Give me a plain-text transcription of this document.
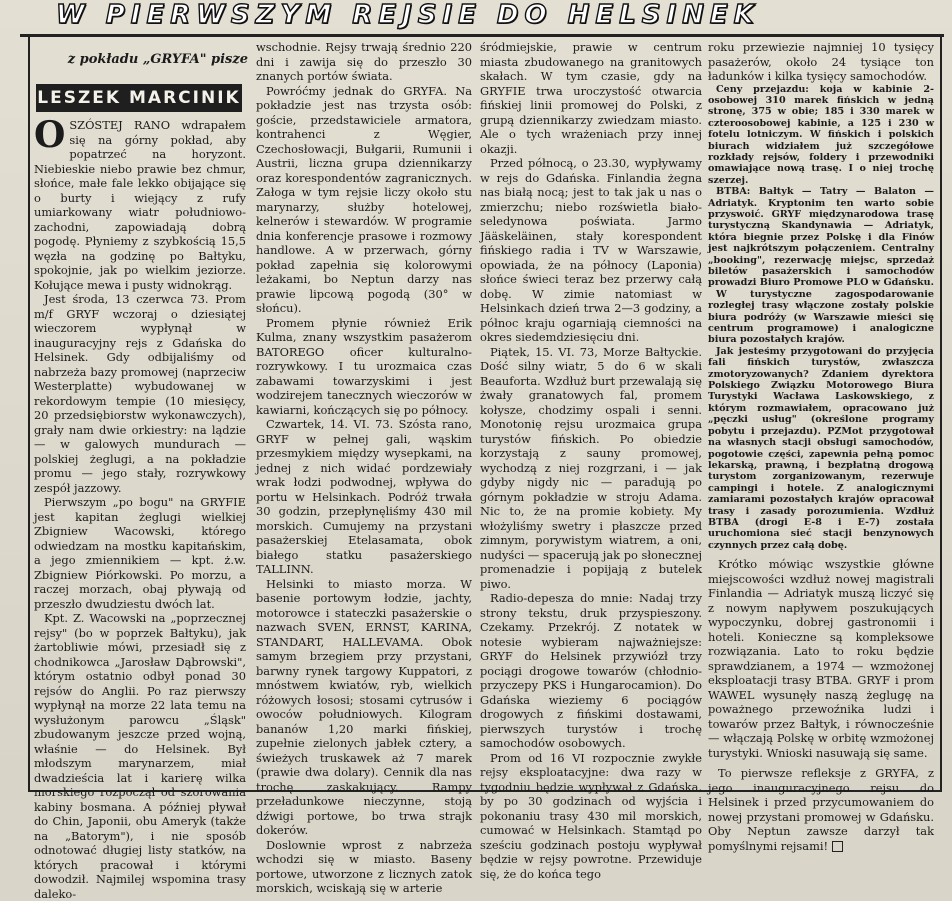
W PIERWSZYM REJSIE DO HELSINEK
z pokładu „GRYFA" pisze
LESZEK MARCINIK

OSZÓSTEJ RANO wdrapałem się na górny pokład, aby popatrzeć na horyzont. Niebieskie niebo prawie bez chmur, słońce, małe fale lekko obijające się o burty i wiejący z rufy umiarkowany wiatr południowo-zachodni, zapowiadają dobrą pogodę. Płyniemy z szybkością 15,5 węzła na godzinę po Bałtyku, spokojnie, jak po wielkim jeziorze. Kołujące mewa i pusty widnokrąg.

Jest środa, 13 czerwca 73. Prom m/f GRYF wczoraj o dziesiątej wieczorem wypłynął w inauguracyjny rejs z Gdańska do Helsinek. Gdy odbijaliśmy od nabrzeża bazy promowej (naprzeciw Westerplatte) wybudowanej w rekordowym tempie (10 miesięcy, 20 przedsiębiorstw wykonawczych), grały nam dwie orkiestry: na lądzie — w galowych mundurach — polskiej żeglugi, a na pokładzie promu — jego stały, rozrywkowy zespół jazzowy.

Pierwszym „po bogu" na GRYFIE jest kapitan żeglugi wielkiej Zbigniew Wacowski, którego odwiedzam na mostku kapitańskim, a jego zmiennikiem — kpt. ż.w. Zbigniew Piórkowski. Po morzu, a raczej morzach, obaj pływają od przeszło dwudziestu dwóch lat.

Kpt. Z. Wacowski na „poprzecznej rejsy" (bo w poprzek Bałtyku), jak żartobliwie mówi, przesiadł się z chodnikowca „Jarosław Dąbrowski", którym ostatnio odbył ponad 30 rejsów do Anglii. Po raz pierwszy wypłynął na morze 22 lata temu na wysłużonym parowcu „Śląsk" zbudowanym jeszcze przed wojną, właśnie — do Helsinek. Był młodszym marynarzem, miał dwadzieścia lat i karierę wilka morskiego rozpoczął od szorowania kabiny bosmana. A później pływał do Chin, Japonii, obu Ameryk (także na „Batorym"), i nie sposób odnotować długiej listy statków, na których pracował i którymi dowodził. Najmilej wspomina trasy daleko-

wschodnie. Rejsy trwają średnio 220 dni i zawija się do przeszło 30 znanych portów świata.

Powróćmy jednak do GRYFA. Na pokładzie jest nas trzysta osób: goście, przedstawiciele armatora, kontrahenci z Węgier, Czechosłowacji, Bułgarii, Rumunii i Austrii, liczna grupa dziennikarzy oraz korespondentów zagranicznych. Załoga w tym rejsie liczy około stu marynarzy, służby hotelowej, kelnerów i stewardów. W programie dnia konferencje prasowe i rozmowy handlowe. A w przerwach, górny pokład zapełnia się kolorowymi leżakami, bo Neptun darzy nas prawie lipcową pogodą (30° w słońcu).

Promem płynie również Erik Kulma, znany wszystkim pasażerom BATOREGO oficer kulturalno-rozrywkowy. I tu urozmaica czas zabawami towarzyskimi i jest wodzirejem tanecznych wieczorów w kawiarni, kończących się po północy.

Czwartek, 14. VI. 73. Szósta rano, GRYF w pełnej gali, wąskim przesmykiem między wysepkami, na jednej z nich widać pordzewiały wrak łodzi podwodnej, wpływa do portu w Helsinkach. Podróż trwała 30 godzin, przepłynęliśmy 430 mil morskich. Cumujemy na przystani pasażerskiej Etelasamata, obok białego statku pasażerskiego TALLINN.

Helsinki to miasto morza. W basenie portowym łodzie, jachty, motorowce i stateczki pasażerskie o nazwach SVEN, ERNST, KARINA, STANDART, HALLEVAMA. Obok samym brzegiem przy przystani, barwny rynek targowy Kuppatori, z mnóstwem kwiatów, ryb, wielkich różowych łososi; stosami cytrusów i owoców południowych. Kilogram bananów 1,20 marki fińskiej, zupełnie zielonych jabłek cztery, a świeżych truskawek aż 7 marek (prawie dwa dolary). Cennik dla nas trochę zaskakujący. Rampy przeładunkowe nieczynne, stoją dźwigi portowe, bo trwa strajk dokerów.

Doslownie wprost z nabrzeża wchodzi się w miasto. Baseny portowe, utworzone z licznych zatok morskich, wciskają się w arterie

śródmiejskie, prawie w centrum miasta zbudowanego na granitowych skałach. W tym czasie, gdy na GRYFIE trwa uroczystość otwarcia fińskiej linii promowej do Polski, z grupą dziennikarzy zwiedzam miasto. Ale o tych wrażeniach przy innej okazji.

Przed północą, o 23.30, wypływamy w rejs do Gdańska. Finlandia żegna nas białą nocą; jest to tak jak u nas o zmierzchu; niebo rozświetla biało-seledynowa poświata. Jarmo Jääskeläinen, stały korespondent fińskiego radia i TV w Warszawie, opowiada, że na północy (Laponia) słońce świeci teraz bez przerwy całą dobę. W zimie natomiast w Helsinkach dzień trwa 2—3 godziny, a północ kraju ogarniają ciemności na okres siedemdziesięciu dni.

Piątek, 15. VI. 73, Morze Bałtyckie. Dość silny wiatr, 5 do 6 w skali Beauforta. Wzdłuż burt przewalają się żwały granatowych fal, promem kołysze, chodzimy ospali i senni. Monotonię rejsu urozmaica grupa turystów fińskich. Po obiedzie korzystają z sauny promowej, wychodzą z niej rozgrzani, i — jak gdyby nigdy nic — paradują po górnym pokładzie w stroju Adama. Nic to, że na promie kobiety. My włożyliśmy swetry i płaszcze przed zimnym, porywistym wiatrem, a oni, nudyści — spacerują jak po słonecznej promenadzie i popijają z butelek piwo.

Radio-depesza do mnie: Nadaj trzy strony tekstu, druk przyspieszony. Czekamy. Przekrój. Z notatek w notesie wybieram najważniejsze: GRYF do Helsinek przywiózł trzy pociągi drogowe towarów (chłodnio-przyczepy PKS i Hungarocamion). Do Gdańska wieziemy 6 pociągów drogowych z fińskimi dostawami, pierwszych turystów i trochę samochodów osobowych.

Prom od 16 VI rozpocznie zwykłe rejsy eksploatacyjne: dwa razy w tygodniu będzie wypływał z Gdańska, by po 30 godzinach od wyjścia i pokonaniu trasy 430 mil morskich, cumować w Helsinkach. Stamtąd po sześciu godzinach postoju wypływał będzie w rejsy powrotne. Przewiduje się, że do końca tego

roku przewiezie najmniej 10 tysięcy pasażerów, około 24 tysiące ton ładunków i kilka tysięcy samochodów.

Ceny przejazdu: koja w kabinie 2-osobowej 310 marek fińskich w jedną stronę, 375 w obie; 185 i 330 marek w czteroosobowej kabinie, a 125 i 230 w fotelu lotniczym. W fińskich i polskich biurach widziałem już szczegółowe rozkłady rejsów, foldery i przewodniki omawiające nową trasę. I o niej trochę szerzej.

BTBA: Bałtyk — Tatry — Balaton — Adriatyk. Kryptonim ten warto sobie przyswoić. GRYF międzynarodowa trasę turystyczną Skandynawia — Adriatyk, która biegnie przez Polskę i dla Finów jest najkrótszym połączeniem. Centralny „booking", rezerwację miejsc, sprzedaż biletów pasażerskich i samochodów prowadzi Biuro Promowe PLO w Gdańsku.

W turystyczne zagospodarowanie rozległej trasy włączone zostały polskie biura podróży (w Warszawie mieści się centrum programowe) i analogiczne biura pozostałych krajów.

Jak jesteśmy przygotowani do przyjęcia fali fińskich turystów, zwłaszcza zmotoryzowanych? Zdaniem dyrektora Polskiego Związku Motorowego Biura Turystyki Wacława Laskowskiego, z którym rozmawiałem, opracowano już „pęczki usług" (określone programy pobytu i przejazdu). PZMot przygotował na własnych stacji obsługi samochodów, pogotowie części, zapewnia pełną pomoc lekarską, prawną, i bezpłatną drogową turystom zorganizowanym, rezerwuje campingi i hotele. Z analogicznymi zamiarami pozostałych krajów opracował trasy i zasady porozumienia. Wzdłuż BTBA (drogi E-8 i E-7) została uruchomiona sieć stacji benzynowych czynnych przez całą dobę.

Krótko mówiąc wszystkie główne miejscowości wzdłuż nowej magistrali Finlandia — Adriatyk muszą liczyć się z nowym napływem poszukujących wypoczynku, dobrej gastronomii i hoteli. Konieczne są kompleksowe rozwiązania. Lato to roku będzie sprawdzianem, a 1974 — wzmożonej eksploatacji trasy BTBA. GRYF i prom WAWEL wysunęły naszą żeglugę na poważnego przewoźnika ludzi i towarów przez Bałtyk, i równocześnie — włączają Polskę w orbitę wzmożonej turystyki. Wnioski nasuwają się same.

To pierwsze refleksje z GRYFA, z jego inauguracyjnego rejsu do Helsinek i przed przycumowaniem do nowej przystani promowej w Gdańsku. Oby Neptun zawsze darzył tak pomyślnymi rejsami!
